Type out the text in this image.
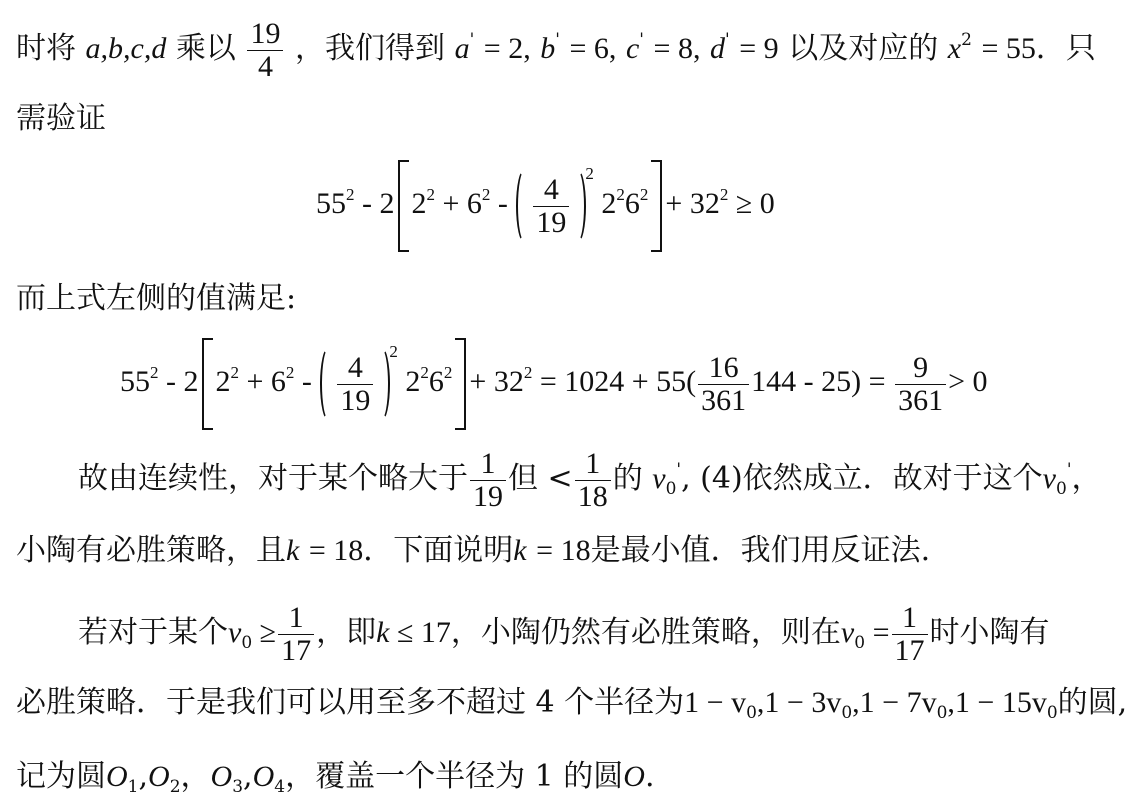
时将 a,b,c,d 乘以 $\frac{19}{4}$ ，我们得到 a' = 2, b' = 6, c' = 8, d' = 9 以及对应的 $x^2 = 55$．只
需验证
$55^2 - 2$ $2^2 + 6^2 - \frac{4}{19}$
2 $2^26^2 + 32^2 \ge 0$
而上式左侧的值满足:
$55^2 - 2$ $2^2 + 6^2 - \frac{4}{19}$
2 $2^26^2 + 32^2 = 1024 + 55( \frac{16}{361} 144 - 25) = \frac{9}{361} > 0$
故由连续性，对于某个略大于 $\frac{1}{19}$ 但 < $\frac{1}{18}$ 的 $v_0'$, (4)依然成立．故对于这个$v_0'$，
小陶有必胜策略，且k = 18．下面说明k = 18是最小值．我们用反证法.
若对于某个$v_0 \ge \frac{1}{17}$ ，即k ≤ 17，小陶仍然有必胜策略，则在$v_0 = \frac{1}{17}$ 时小陶有
必胜策略．于是我们可以用至多不超过 4 个半径为$1 - v_0,1 - 3v_0,1 - 7v_0,1 - 15v_0$的圆,
记为圆$O_1,O_2$，$O_3,O_4$，覆盖一个半径为 1 的圆O.
